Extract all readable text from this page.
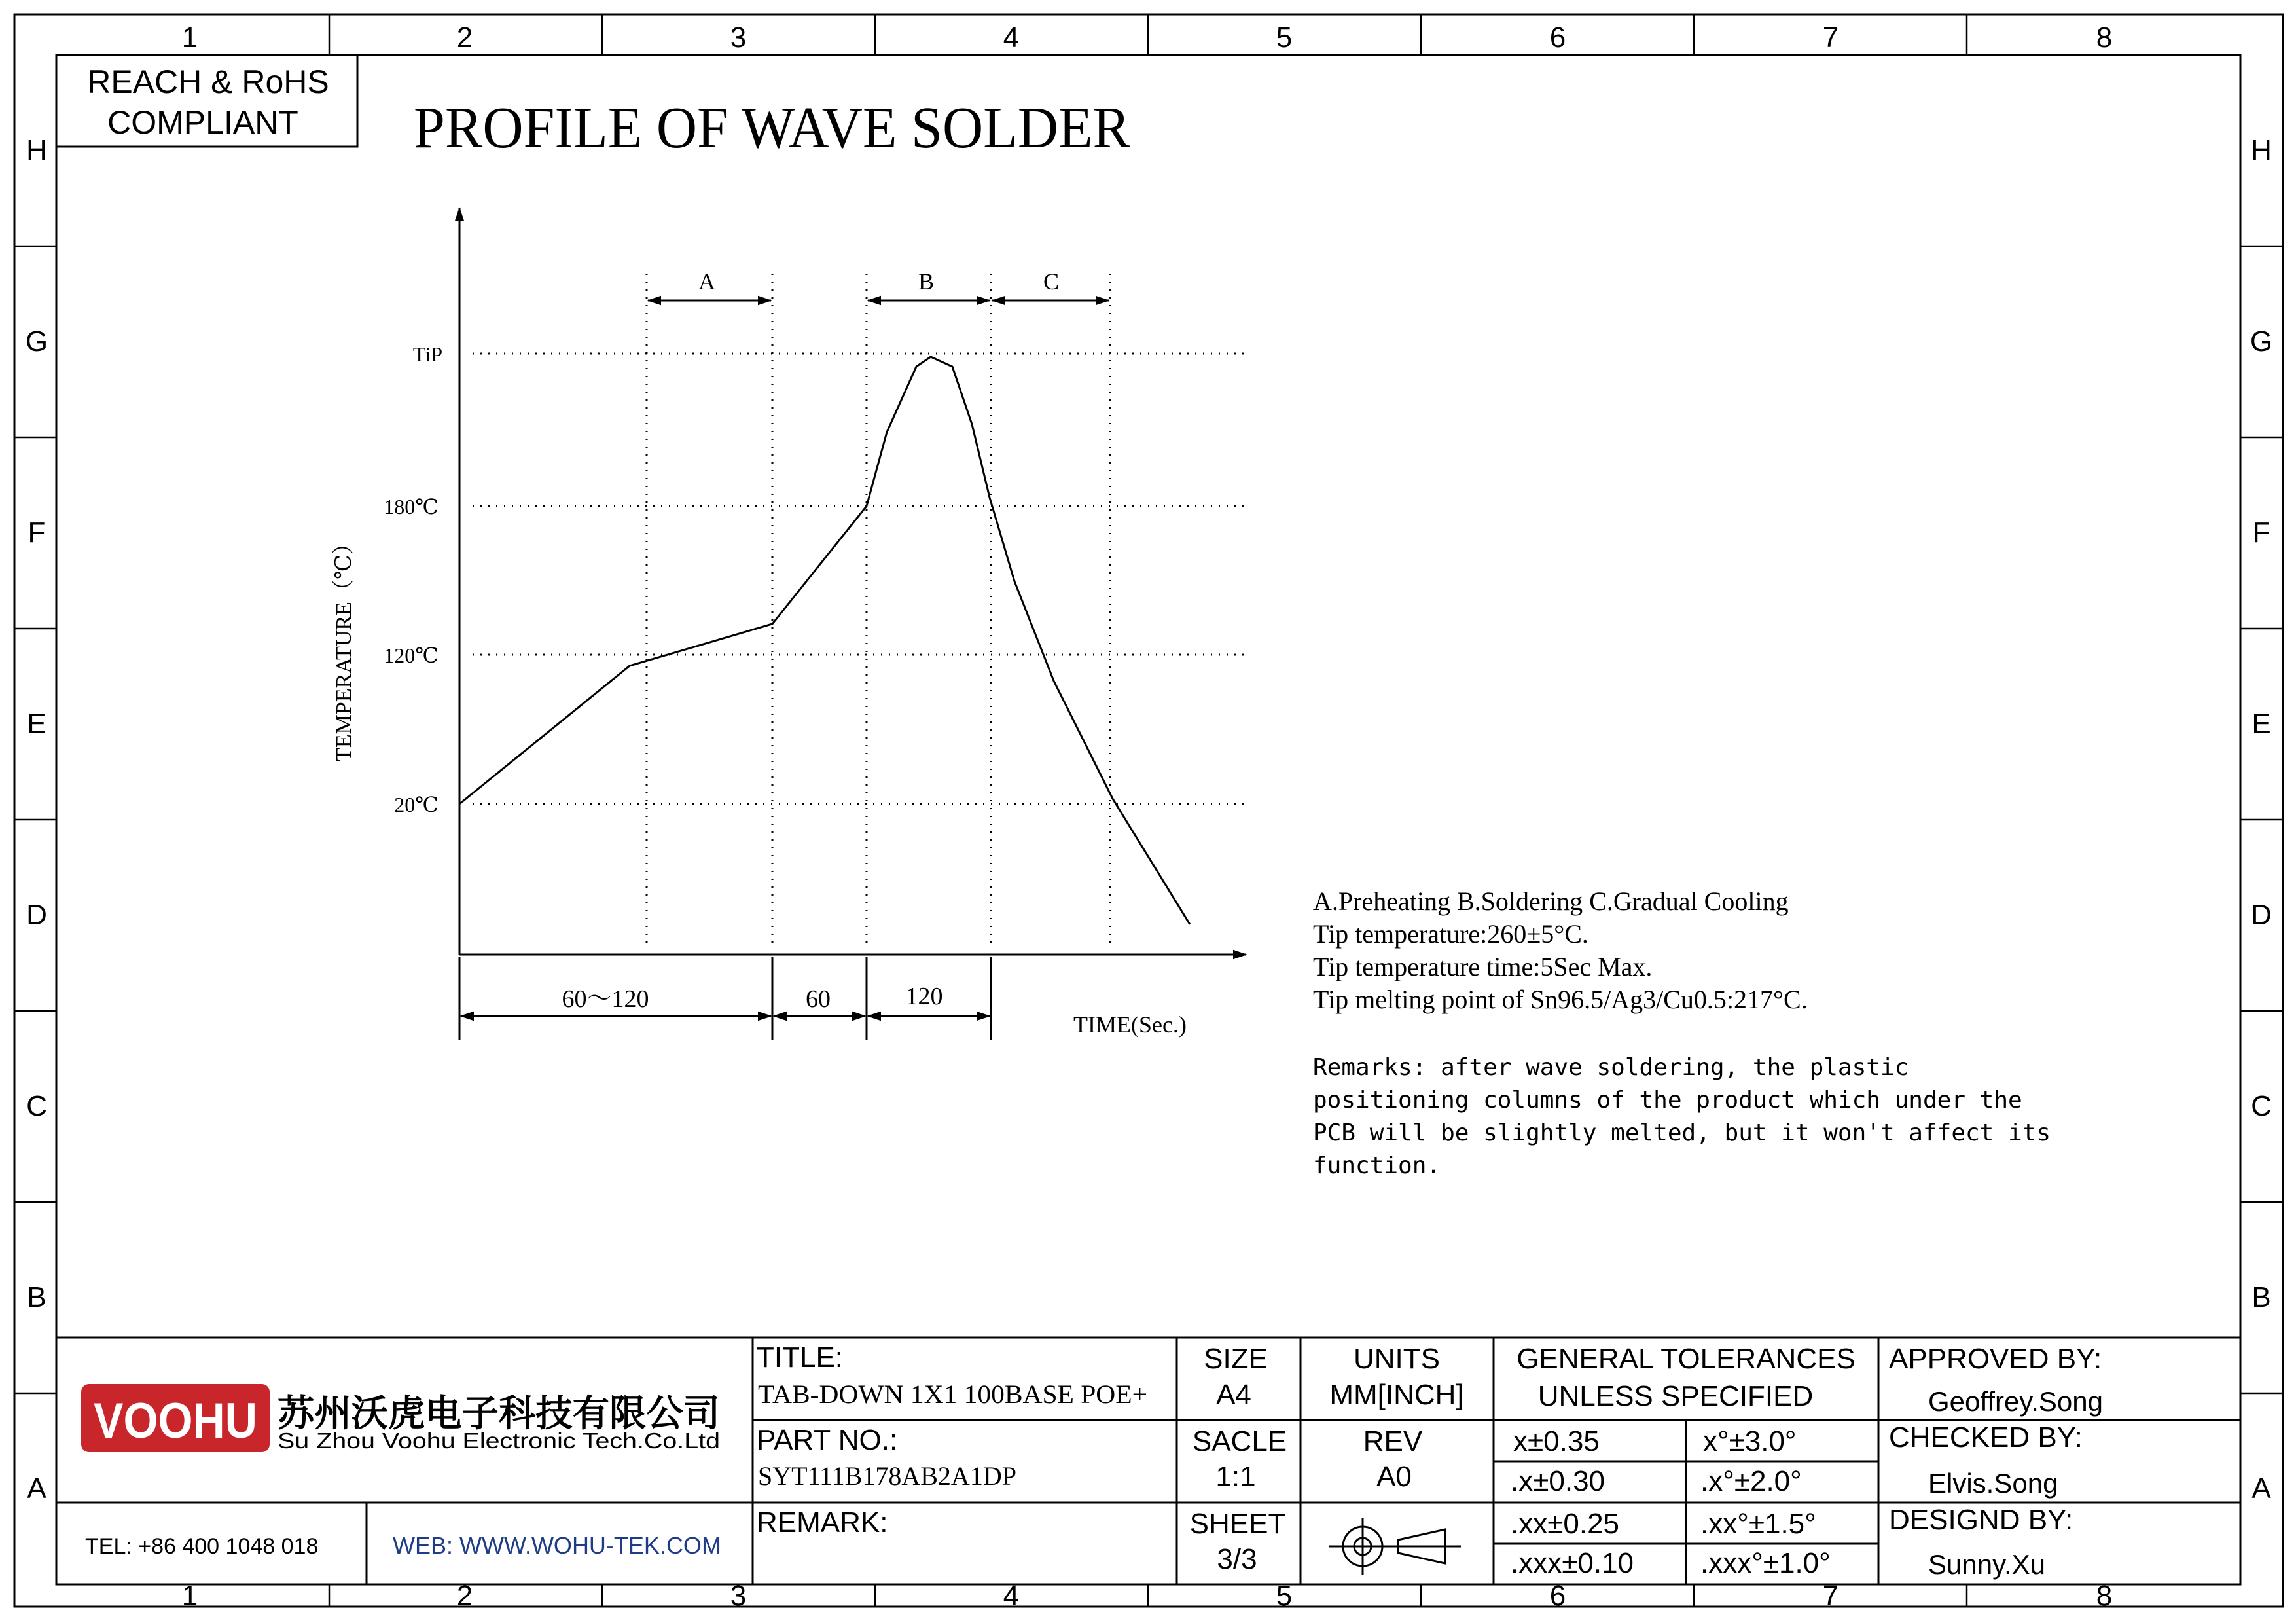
1	2	3	4	5	6	7	8
1	2	3	4	5	6	7	8
H
G
F
E
D
C
B
A
H
G
F
E
D
C
B
A
REACH & RoHS
COMPLIANT PROFILE OF WAVE SOLDER
TiP
180℃
120℃
20℃
TEMPERATURE（℃）
A	B	C
60～120	60	120
TIME(Sec.)
A.Preheating B.Soldering C.Gradual Cooling
Tip temperature:260±5°C.
Tip temperature time:5Sec Max.
Tip melting point of Sn96.5/Ag3/Cu0.5:217°C.
Remarks: after wave soldering, the plastic
positioning columns of the product which under the
PCB will be slightly melted, but it won't affect its
function.
VOOHU 苏州沃虎电子科技有限公司
Su Zhou Voohu Electronic Tech.Co.Ltd
TEL: +86 400 1048 018	WEB: WWW.WOHU-TEK.COM
TITLE:
TAB-DOWN 1X1 100BASE POE+
PART NO.:
SYT111B178AB2A1DP
REMARK:
SIZE
A4
SACLE
1:1
SHEET
3/3
UNITS
MM[INCH]
REV
A0
GENERAL TOLERANCES
UNLESS SPECIFIED
x±0.35	x°±3.0°
.x±0.30	.x°±2.0°
.xx±0.25	.xx°±1.5°
.xxx±0.10 .xxx°±1.0°
APPROVED BY:
Geoffrey.Song
CHECKED BY:
Elvis.Song
DESIGND BY:
Sunny.Xu
